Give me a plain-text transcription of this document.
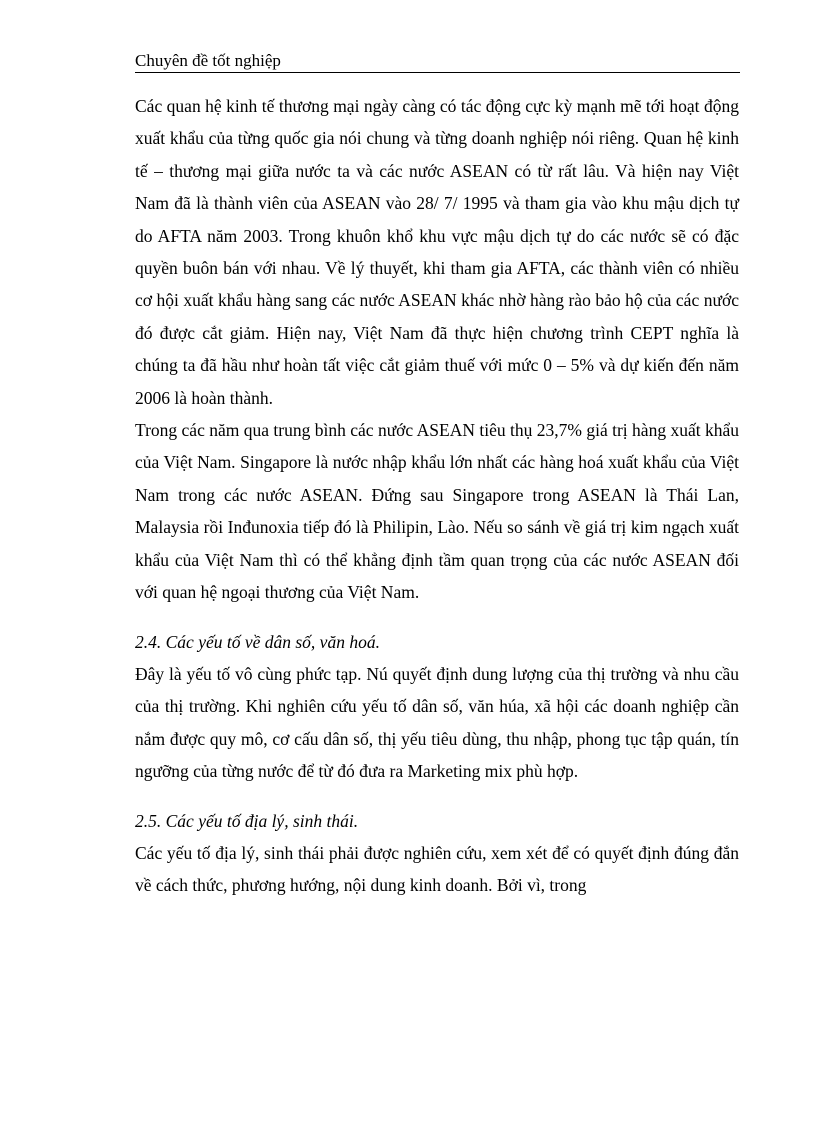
Chuyên đề tốt nghiệp

Các quan hệ kinh tế thương mại ngày càng có tác động cực kỳ mạnh mẽ tới hoạt động xuất khẩu của từng quốc gia nói chung và từng doanh nghiệp nói riêng. Quan hệ kinh tế – thương mại giữa nước ta và các nước ASEAN có từ rất lâu. Và hiện nay Việt Nam đã là thành viên của ASEAN vào 28/ 7/ 1995 và tham gia vào khu mậu dịch tự do AFTA năm 2003. Trong khuôn khổ khu vực mậu dịch tự do các nước sẽ có đặc quyền buôn bán với nhau. Về lý thuyết, khi tham gia AFTA, các thành viên có nhiều cơ hội xuất khẩu hàng sang các nước ASEAN khác nhờ hàng rào bảo hộ của các nước đó được cắt giảm. Hiện nay, Việt Nam đã thực hiện chương trình CEPT nghĩa là chúng ta đã hầu như hoàn tất việc cắt giảm thuế với mức 0 – 5% và dự kiến đến năm 2006 là hoàn thành.

Trong các năm qua trung bình các nước ASEAN tiêu thụ 23,7% giá trị hàng xuất khẩu của Việt Nam. Singapore là nước nhập khẩu lớn nhất các hàng hoá xuất khẩu của Việt Nam trong các nước ASEAN. Đứng sau Singapore trong ASEAN là Thái Lan, Malaysia rồi Inđunoxia tiếp đó là Philipin, Lào. Nếu so sánh về giá trị kim ngạch xuất khẩu của Việt Nam thì có thể khẳng định tầm quan trọng của các nước ASEAN đối với quan hệ ngoại thương của Việt Nam.

2.4. Các yếu tố về dân số, văn hoá.

Đây là yếu tố vô cùng phức tạp. Nú quyết định dung lượng của thị trường và nhu cầu của thị trường. Khi nghiên cứu yếu tố dân số, văn húa, xã hội các doanh nghiệp cần nắm được quy mô, cơ cấu dân số, thị yếu tiêu dùng, thu nhập, phong tục tập quán, tín ngưỡng của từng nước để từ đó đưa ra Marketing mix phù hợp.

2.5. Các yếu tố địa lý, sinh thái.

Các yếu tố địa lý, sinh thái phải được nghiên cứu, xem xét để có quyết định đúng đắn về cách thức, phương hướng, nội dung kinh doanh. Bởi vì, trong
